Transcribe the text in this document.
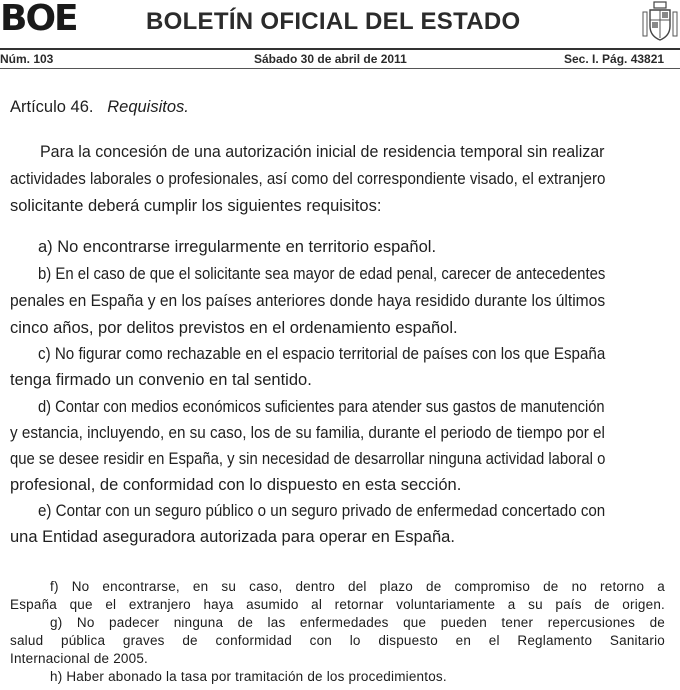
BOE	BOLETÍN OFICIAL DEL ESTADO
Núm. 103	Sábado 30 de abril de 2011	Sec. I. Pág. 43821
Artículo 46. Requisitos.
Para la concesión de una autorización inicial de residencia temporal sin realizar
actividades laborales o profesionales, así como del correspondiente visado, el extranjero
solicitante deberá cumplir los siguientes requisitos:
a) No encontrarse irregularmente en territorio español.
b) En el caso de que el solicitante sea mayor de edad penal, carecer de antecedentes
penales en España y en los países anteriores donde haya residido durante los últimos
cinco años, por delitos previstos en el ordenamiento español.
c) No figurar como rechazable en el espacio territorial de países con los que España
tenga firmado un convenio en tal sentido.
d) Contar con medios económicos suficientes para atender sus gastos de manutención
y estancia, incluyendo, en su caso, los de su familia, durante el periodo de tiempo por el
que se desee residir en España, y sin necesidad de desarrollar ninguna actividad laboral o
profesional, de conformidad con lo dispuesto en esta sección.
e) Contar con un seguro público o un seguro privado de enfermedad concertado con
una Entidad aseguradora autorizada para operar en España.
f) No encontrarse, en su caso, dentro del plazo de compromiso de no retorno a
España que el extranjero haya asumido al retornar voluntariamente a su país de origen.
g) No padecer ninguna de las enfermedades que pueden tener repercusiones de
salud pública graves de conformidad con lo dispuesto en el Reglamento Sanitario
Internacional de 2005.
h) Haber abonado la tasa por tramitación de los procedimientos.
